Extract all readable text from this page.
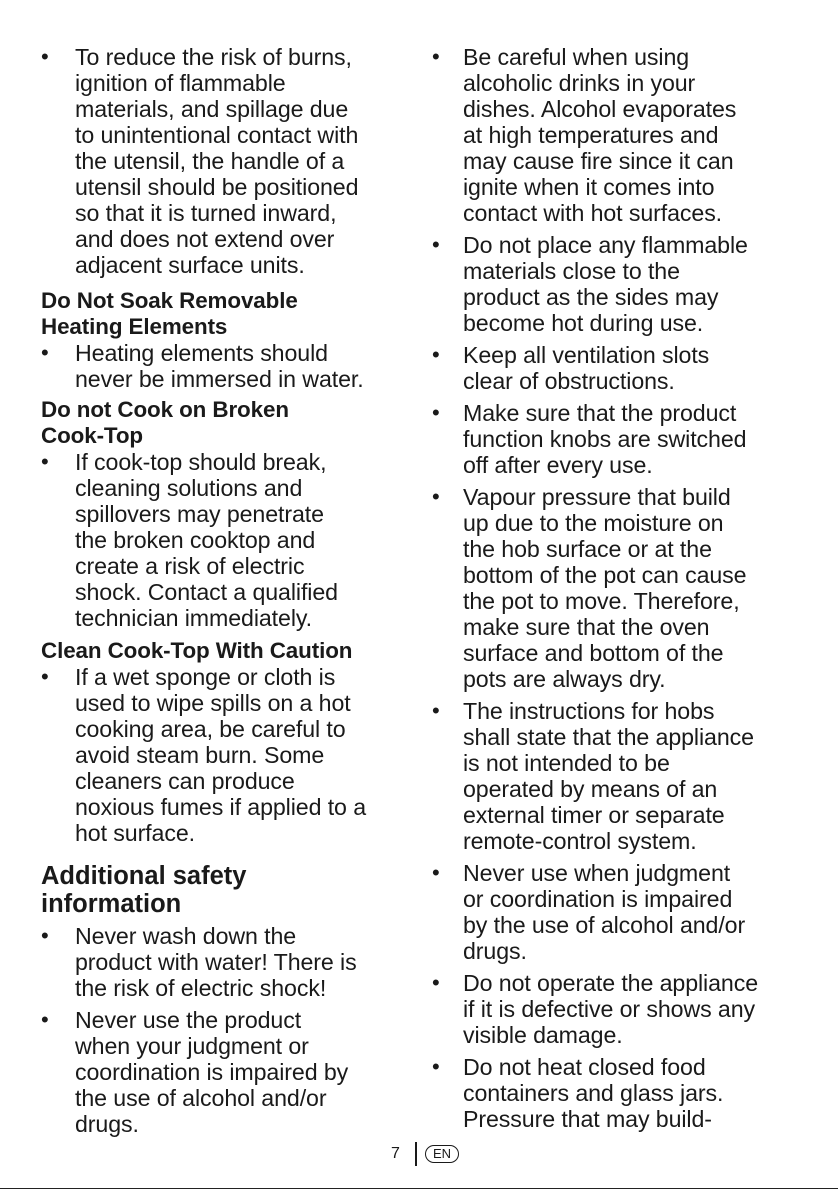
• To reduce the risk of burns,
ignition of flammable
materials, and spillage due
to unintentional contact with
the utensil, the handle of a
utensil should be positioned
so that it is turned inward,
and does not extend over
adjacent surface units.
Do Not Soak Removable
Heating Elements
• Heating elements should
never be immersed in water.
Do not Cook on Broken
Cook-Top
• If cook-top should break,
cleaning solutions and
spillovers may penetrate
the broken cooktop and
create a risk of electric
shock. Contact a qualified
technician immediately.
Clean Cook-Top With Caution
• If a wet sponge or cloth is
used to wipe spills on a hot
cooking area, be careful to
avoid steam burn. Some
cleaners can produce
noxious fumes if applied to a
hot surface.
Additional safety
information
• Never wash down the
product with water! There is
the risk of electric shock!
• Never use the product
when your judgment or
coordination is impaired by
the use of alcohol and/or
drugs.
• Be careful when using
alcoholic drinks in your
dishes. Alcohol evaporates
at high temperatures and
may cause fire since it can
ignite when it comes into
contact with hot surfaces.
• Do not place any flammable
materials close to the
product as the sides may
become hot during use.
• Keep all ventilation slots
clear of obstructions.
• Make sure that the product
function knobs are switched
off after every use.
• Vapour pressure that build
up due to the moisture on
the hob surface or at the
bottom of the pot can cause
the pot to move. Therefore,
make sure that the oven
surface and bottom of the
pots are always dry.
• The instructions for hobs
shall state that the appliance
is not intended to be
operated by means of an
external timer or separate
remote-control system.
• Never use when judgment
or coordination is impaired
by the use of alcohol and/or
drugs.
• Do not operate the appliance
if it is defective or shows any
visible damage.
• Do not heat closed food
containers and glass jars.
Pressure that may build-
7	EN
